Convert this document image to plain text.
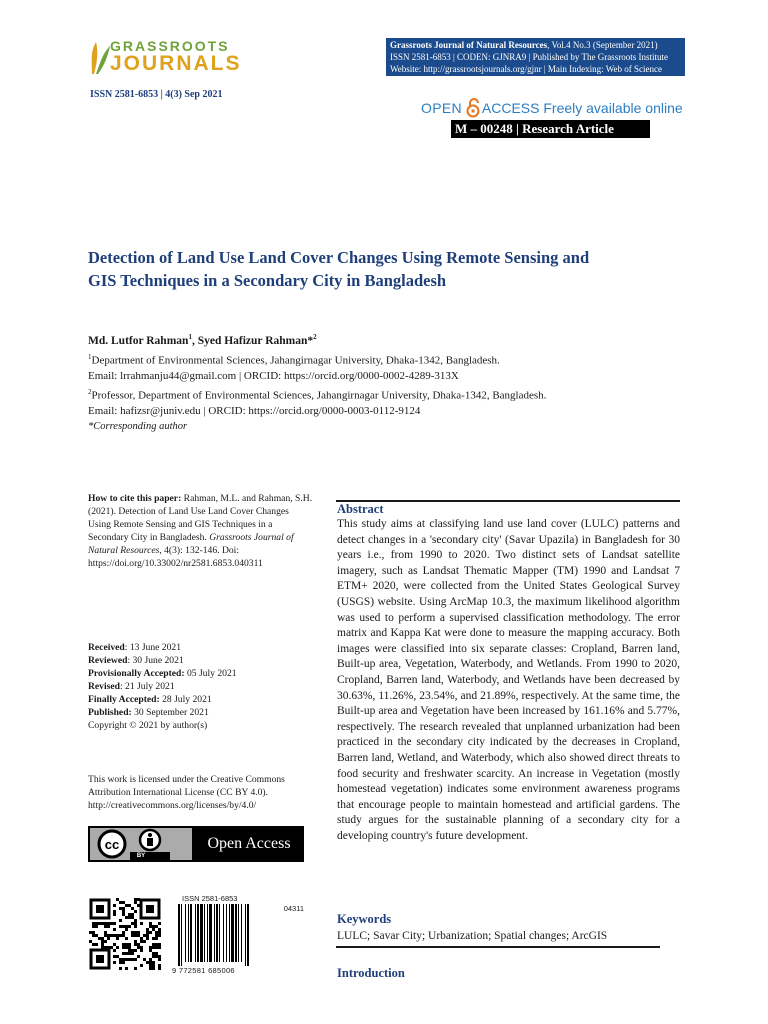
GRASSROOTS
JOURNALS
ISSN 2581-6853 | 4(3) Sep 2021
Grassroots Journal of Natural Resources, Vol.4 No.3 (September 2021)
ISSN 2581-6853 | CODEN: GJNRA9 | Published by The Grassroots Institute
Website: http://grassrootsjournals.org/gjnr | Main Indexing: Web of Science
OPEN ACCESS Freely available online
M – 00248 | Research Article
Detection of Land Use Land Cover Changes Using Remote Sensing and
GIS Techniques in a Secondary City in Bangladesh
Md. Lutfor Rahman$^1$, Syed Hafizur Rahman*$^2$
$^1$Department of Environmental Sciences, Jahangirnagar University, Dhaka-1342, Bangladesh.
Email: lrrahmanju44@gmail.com | ORCID: https://orcid.org/0000-0002-4289-313X
$^2$Professor, Department of Environmental Sciences, Jahangirnagar University, Dhaka-1342, Bangladesh.
Email: hafizsr@juniv.edu | ORCID: https://orcid.org/0000-0003-0112-9124
*Corresponding author
How to cite this paper: Rahman, M.L. and Rahman, S.H. (2021). Detection of Land Use Land Cover Changes Using Remote Sensing and GIS Techniques in a Secondary City in Bangladesh. Grassroots Journal of Natural Resources, 4(3): 132-146. Doi: https://doi.org/10.33002/nr2581.6853.040311
Received: 13 June 2021
Reviewed: 30 June 2021
Provisionally Accepted: 05 July 2021
Revised: 21 July 2021
Finally Accepted: 28 July 2021
Published: 30 September 2021
Copyright © 2021 by author(s)
This work is licensed under the Creative Commons Attribution International License (CC BY 4.0).
http://creativecommons.org/licenses/by/4.0/
cc
BY
Open Access
ISSN 2581-6853
04311
9 772581 685006
Abstract
This study aims at classifying land use land cover (LULC) patterns and detect changes in a 'secondary city' (Savar Upazila) in Bangladesh for 30 years i.e., from 1990 to 2020. Two distinct sets of Landsat satellite imagery, such as Landsat Thematic Mapper (TM) 1990 and Landsat 7 ETM+ 2020, were collected from the United States Geological Survey (USGS) website. Using ArcMap 10.3, the maximum likelihood algorithm was used to perform a supervised classification methodology. The error matrix and Kappa Kat were done to measure the mapping accuracy. Both images were classified into six separate classes: Cropland, Barren land, Built-up area, Vegetation, Waterbody, and Wetlands. From 1990 to 2020, Cropland, Barren land, Waterbody, and Wetlands have been decreased by 30.63%, 11.26%, 23.54%, and 21.89%, respectively. At the same time, the Built-up area and Vegetation have been increased by 161.16% and 5.77%, respectively. The research revealed that unplanned urbanization had been practiced in the secondary city indicated by the decreases in Cropland, Barren land, Wetland, and Waterbody, which also showed direct threats to food security and freshwater scarcity. An increase in Vegetation (mostly homestead vegetation) indicates some environment awareness programs that encourage people to maintain homestead and artificial gardens. The study argues for the sustainable planning of a secondary city for a developing country's future development.
Keywords
LULC; Savar City; Urbanization; Spatial changes; ArcGIS
Introduction
